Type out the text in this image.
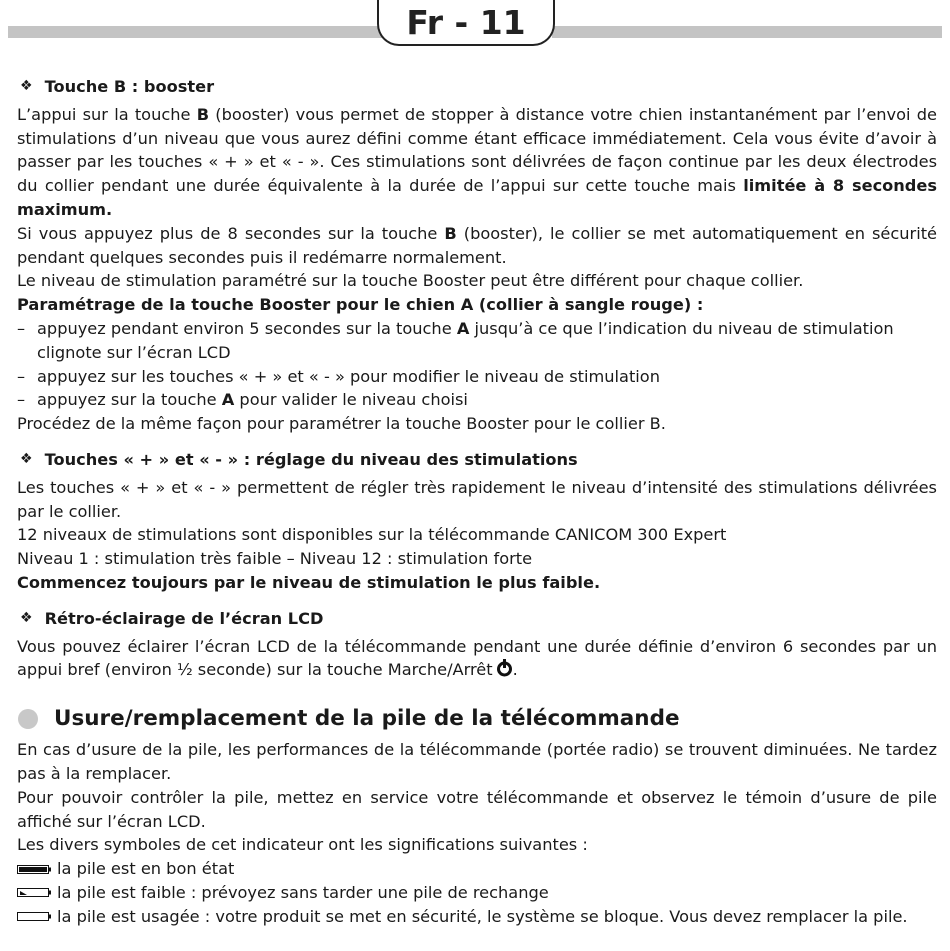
Fr - 11
❖ Touche B : booster

L’appui sur la touche B (booster) vous permet de stopper à distance votre chien instantanément par l’envoi de stimulations d’un niveau que vous aurez défini comme étant efficace immédiatement. Cela vous évite d’avoir à passer par les touches « + » et « - ». Ces stimulations sont délivrées de façon continue par les deux électrodes du collier pendant une durée équivalente à la durée de l’appui sur cette touche mais limitée à 8 secondes maximum.

Si vous appuyez plus de 8 secondes sur la touche B (booster), le collier se met automatiquement en sécurité pendant quelques secondes puis il redémarre normalement.

Le niveau de stimulation paramétré sur la touche Booster peut être différent pour chaque collier.

Paramétrage de la touche Booster pour le chien A (collier à sangle rouge) :

– appuyez pendant environ 5 secondes sur la touche A jusqu’à ce que l’indication du niveau de stimulation clignote sur l’écran LCD
– appuyez sur les touches « + » et « - » pour modifier le niveau de stimulation
– appuyez sur la touche A pour valider le niveau choisi

Procédez de la même façon pour paramétrer la touche Booster pour le collier B.

❖ Touches « + » et « - » : réglage du niveau des stimulations

Les touches « + » et « - » permettent de régler très rapidement le niveau d’intensité des stimulations délivrées par le collier.

12 niveaux de stimulations sont disponibles sur la télécommande CANICOM 300 Expert

Niveau 1 : stimulation très faible – Niveau 12 : stimulation forte

Commencez toujours par le niveau de stimulation le plus faible.

❖ Rétro-éclairage de l’écran LCD

Vous pouvez éclairer l’écran LCD de la télécommande pendant une durée définie d’environ 6 secondes par un appui bref (environ ½ seconde) sur la touche Marche/Arrêt .

Usure/remplacement de la pile de la télécommande

En cas d’usure de la pile, les performances de la télécommande (portée radio) se trouvent diminuées. Ne tardez pas à la remplacer.

Pour pouvoir contrôler la pile, mettez en service votre télécommande et observez le témoin d’usure de pile affiché sur l’écran LCD.

Les divers symboles de cet indicateur ont les significations suivantes :

la pile est en bon état
la pile est faible : prévoyez sans tarder une pile de rechange
la pile est usagée : votre produit se met en sécurité, le système se bloque. Vous devez remplacer la pile.
